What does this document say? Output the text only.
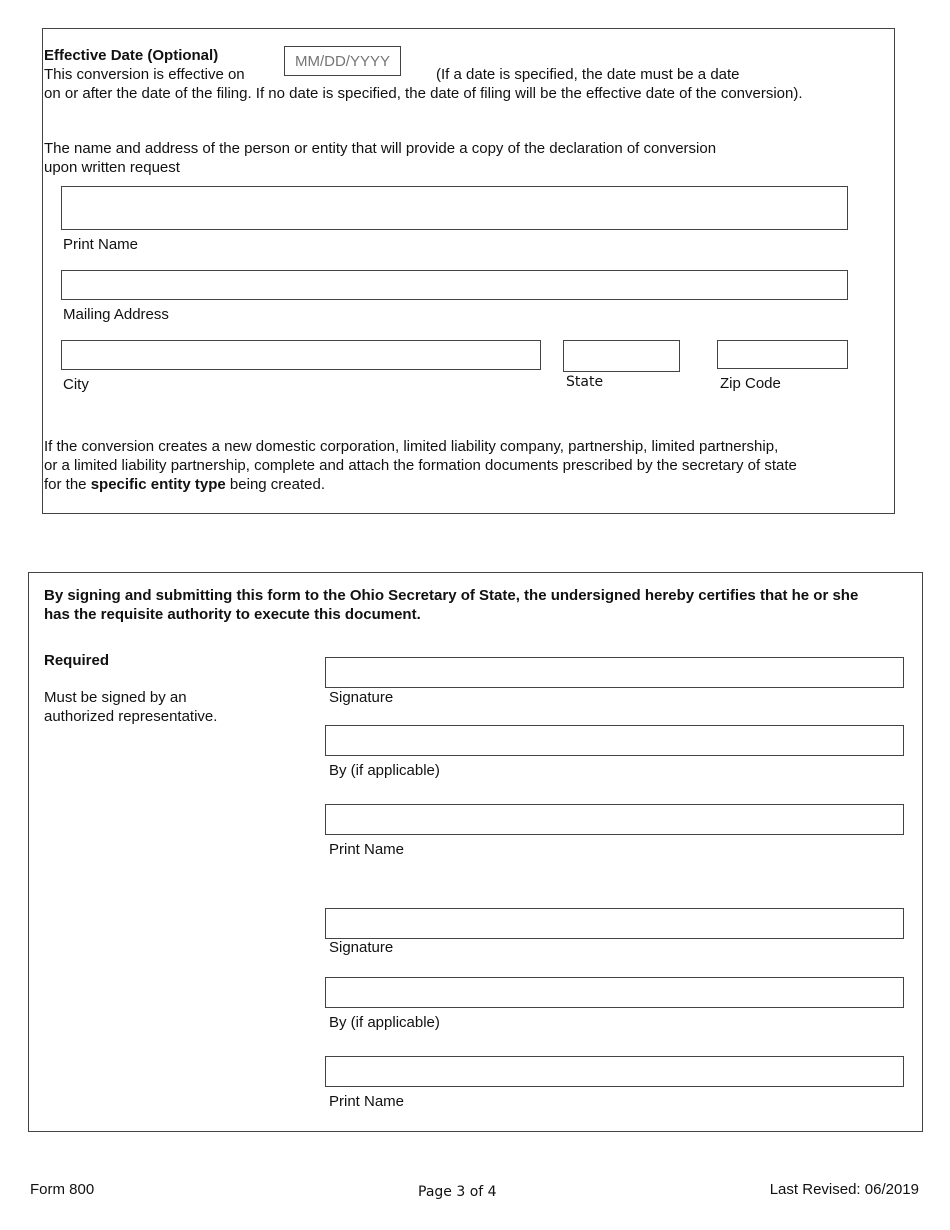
Effective Date (Optional)
This conversion is effective on
MM/DD/YYYY	(If a date is specified, the date must be a date
on or after the date of the filing. If no date is specified, the date of filing will be the effective date of the conversion).
The name and address of the person or entity that will provide a copy of the declaration of conversion
upon written request
Print Name
Mailing Address
City	State	Zip Code
If the conversion creates a new domestic corporation, limited liability company, partnership, limited partnership,
or a limited liability partnership, complete and attach the formation documents prescribed by the secretary of state
for the specific entity type being created.
By signing and submitting this form to the Ohio Secretary of State, the undersigned hereby certifies that he or she
has the requisite authority to execute this document.
Required
Must be signed by an
authorized representative.
Signature
By (if applicable)
Print Name
Signature
By (if applicable)
Print Name
Form 800	Page 3 of 4	Last Revised: 06/2019
